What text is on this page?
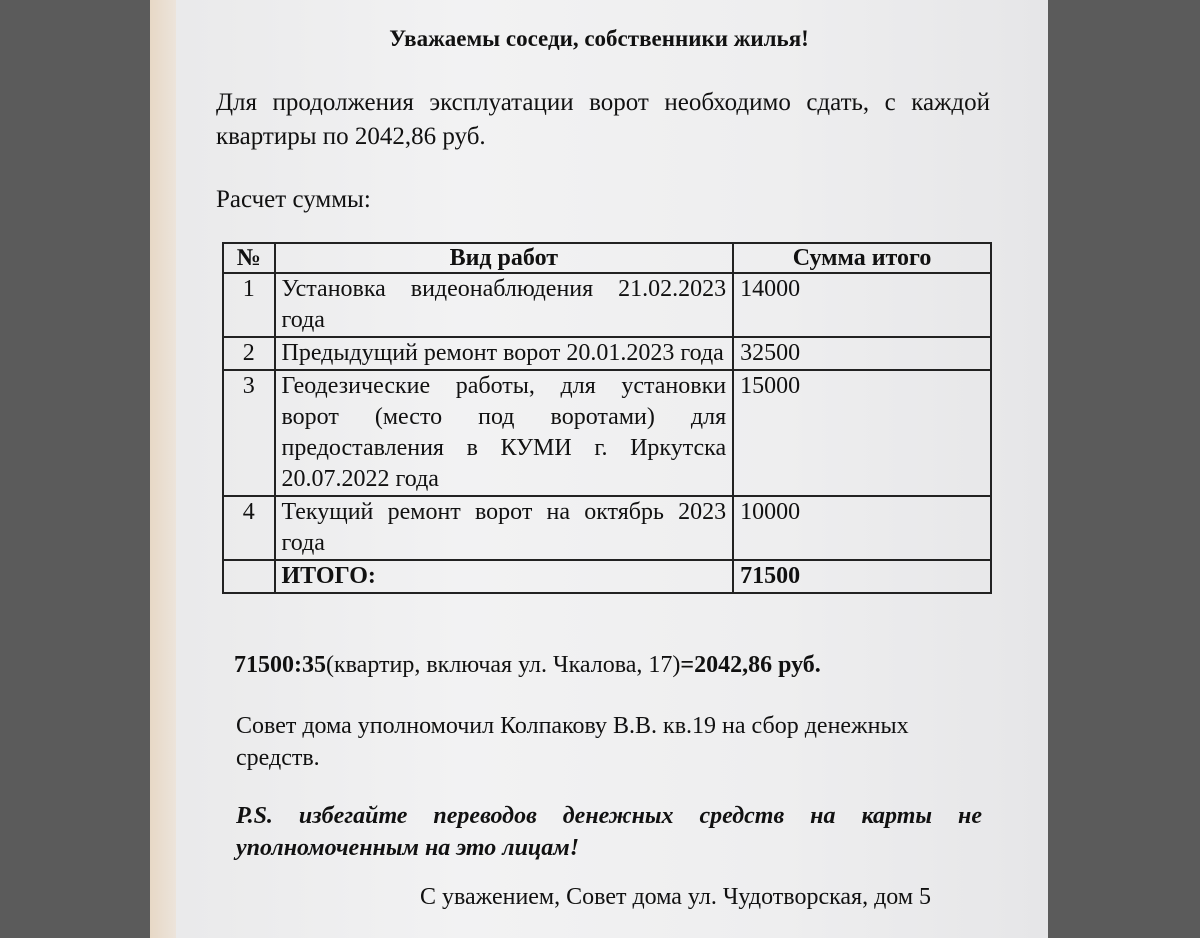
Уважаемы соседи, собственники жилья!
Для продолжения эксплуатации ворот необходимо сдать, с каждой квартиры по 2042,86 руб.
Расчет суммы:
№	Вид работ	Сумма итого
1	Установка видеонаблюдения 21.02.2023 года	14000
2	Предыдущий ремонт ворот 20.01.2023 года	32500
3	Геодезические работы, для установки ворот (место под воротами) для предоставления в КУМИ г. Иркутска 20.07.2022 года	15000
4	Текущий ремонт ворот на октябрь 2023 года	10000
	ИТОГО:	71500
71500:35(квартир, включая ул. Чкалова, 17)=2042,86 руб.
Совет дома уполномочил Колпакову В.В. кв.19 на сбор денежных средств.
P.S. избегайте переводов денежных средств на карты не уполномоченным на это лицам!
С уважением, Совет дома ул. Чудотворская, дом 5
